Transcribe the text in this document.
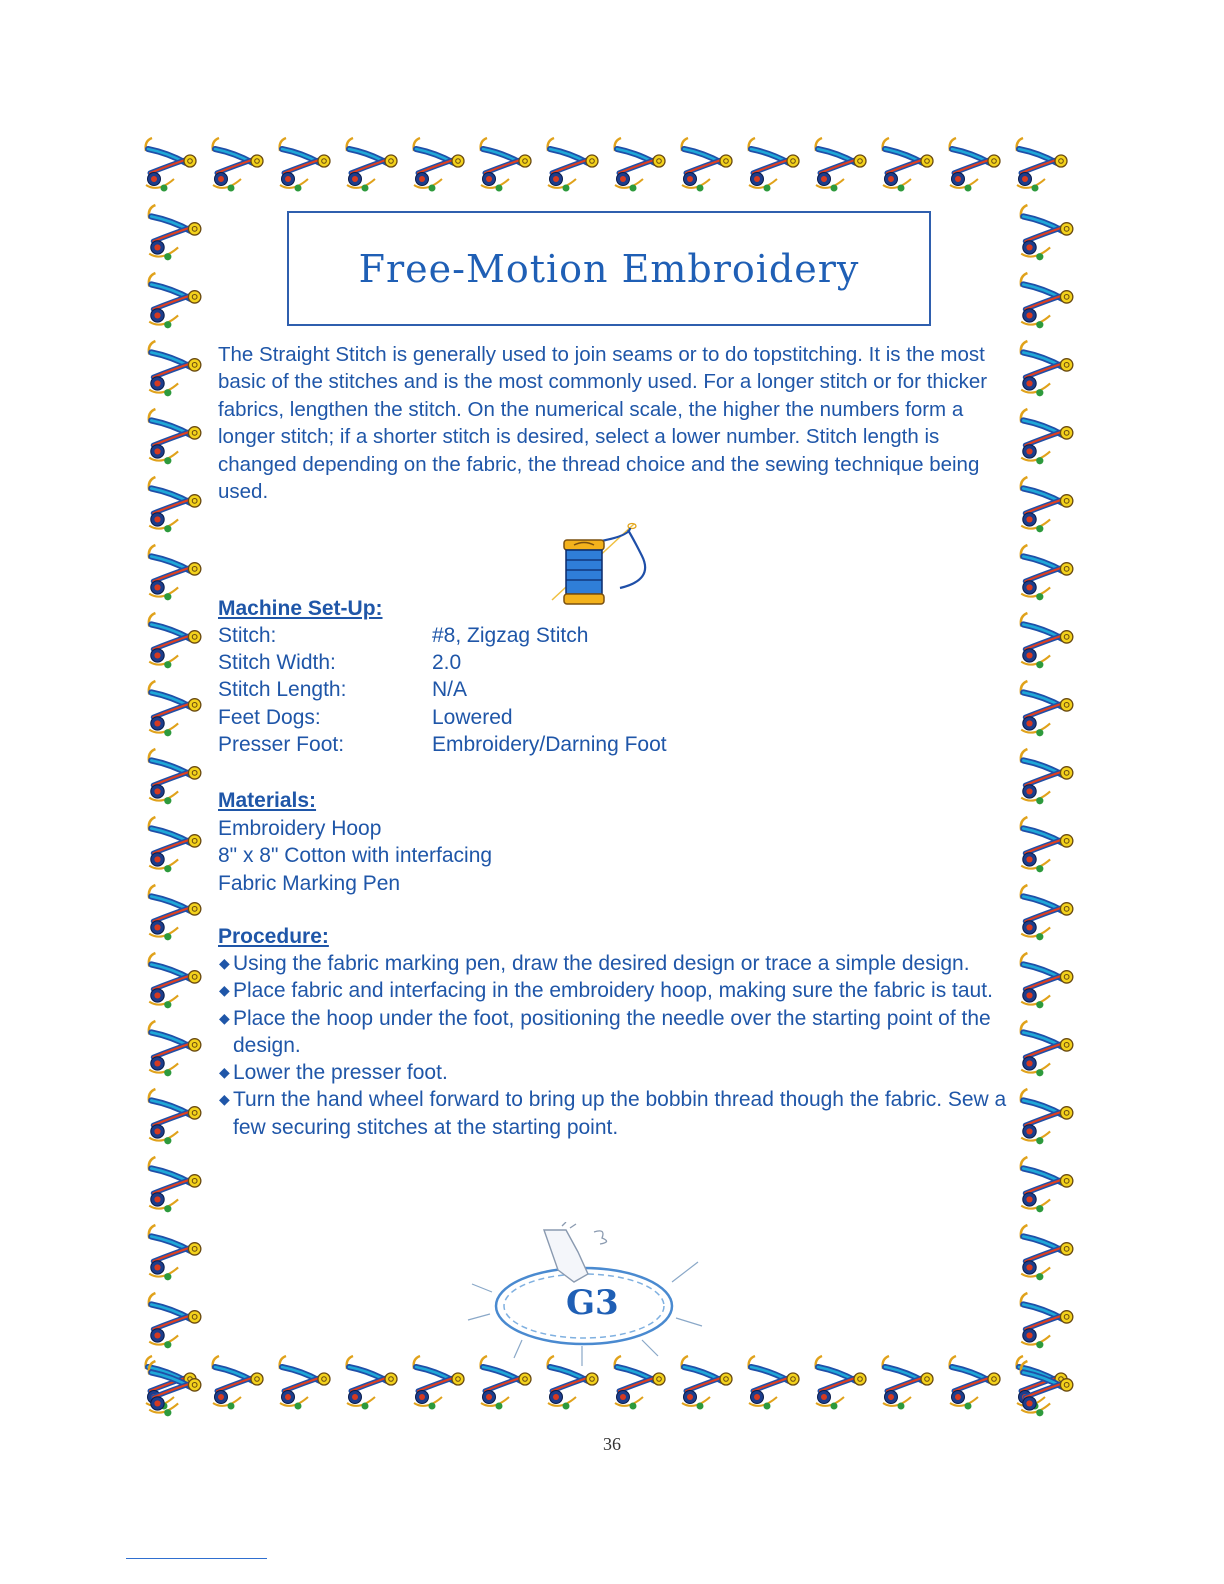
Free-Motion Embroidery

The Straight Stitch is generally used to join seams or to do topstitching. It is the most basic of the stitches and is the most commonly used. For a longer stitch or for thicker fabrics, lengthen the stitch. On the numerical scale, the higher the numbers form a longer stitch; if a shorter stitch is desired, select a lower number. Stitch length is changed depending on the fabric, the thread choice and the sewing technique being used.

Machine Set-Up:
Stitch:	#8, Zigzag Stitch
Stitch Width:	2.0
Stitch Length:	N/A
Feet Dogs:	Lowered
Presser Foot:	Embroidery/Darning Foot
Materials:
Embroidery Hoop
8" x 8" Cotton with interfacing
Fabric Marking Pen
Procedure:
◆ Using the fabric marking pen, draw the desired design or trace a simple design.
◆ Place fabric and interfacing in the embroidery hoop, making sure the fabric is taut.
◆ Place the hoop under the foot, positioning the needle over the starting point of the design.
◆ Lower the presser foot.
◆ Turn the hand wheel forward to bring up the bobbin thread though the fabric. Sew a few securing stitches at the starting point.
G3
36
